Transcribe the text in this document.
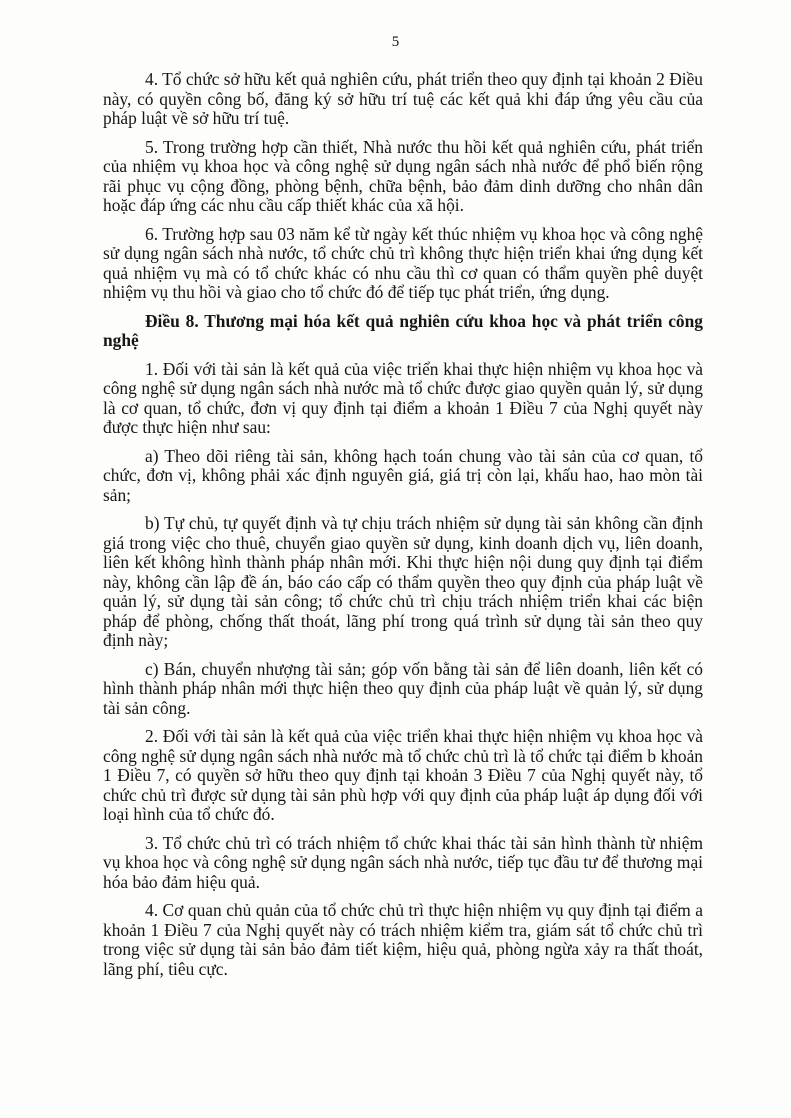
5

4. Tổ chức sở hữu kết quả nghiên cứu, phát triển theo quy định tại khoản 2 Điều này, có quyền công bố, đăng ký sở hữu trí tuệ các kết quả khi đáp ứng yêu cầu của pháp luật về sở hữu trí tuệ.

5. Trong trường hợp cần thiết, Nhà nước thu hồi kết quả nghiên cứu, phát triển của nhiệm vụ khoa học và công nghệ sử dụng ngân sách nhà nước để phổ biến rộng rãi phục vụ cộng đồng, phòng bệnh, chữa bệnh, bảo đảm dinh dưỡng cho nhân dân hoặc đáp ứng các nhu cầu cấp thiết khác của xã hội.

6. Trường hợp sau 03 năm kể từ ngày kết thúc nhiệm vụ khoa học và công nghệ sử dụng ngân sách nhà nước, tổ chức chủ trì không thực hiện triển khai ứng dụng kết quả nhiệm vụ mà có tổ chức khác có nhu cầu thì cơ quan có thẩm quyền phê duyệt nhiệm vụ thu hồi và giao cho tổ chức đó để tiếp tục phát triển, ứng dụng.

Điều 8. Thương mại hóa kết quả nghiên cứu khoa học và phát triển công nghệ

1. Đối với tài sản là kết quả của việc triển khai thực hiện nhiệm vụ khoa học và công nghệ sử dụng ngân sách nhà nước mà tổ chức được giao quyền quản lý, sử dụng là cơ quan, tổ chức, đơn vị quy định tại điểm a khoản 1 Điều 7 của Nghị quyết này được thực hiện như sau:

a) Theo dõi riêng tài sản, không hạch toán chung vào tài sản của cơ quan, tổ chức, đơn vị, không phải xác định nguyên giá, giá trị còn lại, khấu hao, hao mòn tài sản;

b) Tự chủ, tự quyết định và tự chịu trách nhiệm sử dụng tài sản không cần định giá trong việc cho thuê, chuyển giao quyền sử dụng, kinh doanh dịch vụ, liên doanh, liên kết không hình thành pháp nhân mới. Khi thực hiện nội dung quy định tại điểm này, không cần lập đề án, báo cáo cấp có thẩm quyền theo quy định của pháp luật về quản lý, sử dụng tài sản công; tổ chức chủ trì chịu trách nhiệm triển khai các biện pháp để phòng, chống thất thoát, lãng phí trong quá trình sử dụng tài sản theo quy định này;

c) Bán, chuyển nhượng tài sản; góp vốn bằng tài sản để liên doanh, liên kết có hình thành pháp nhân mới thực hiện theo quy định của pháp luật về quản lý, sử dụng tài sản công.

2. Đối với tài sản là kết quả của việc triển khai thực hiện nhiệm vụ khoa học và công nghệ sử dụng ngân sách nhà nước mà tổ chức chủ trì là tổ chức tại điểm b khoản 1 Điều 7, có quyền sở hữu theo quy định tại khoản 3 Điều 7 của Nghị quyết này, tổ chức chủ trì được sử dụng tài sản phù hợp với quy định của pháp luật áp dụng đối với loại hình của tổ chức đó.

3. Tổ chức chủ trì có trách nhiệm tổ chức khai thác tài sản hình thành từ nhiệm vụ khoa học và công nghệ sử dụng ngân sách nhà nước, tiếp tục đầu tư để thương mại hóa bảo đảm hiệu quả.

4. Cơ quan chủ quản của tổ chức chủ trì thực hiện nhiệm vụ quy định tại điểm a khoản 1 Điều 7 của Nghị quyết này có trách nhiệm kiểm tra, giám sát tổ chức chủ trì trong việc sử dụng tài sản bảo đảm tiết kiệm, hiệu quả, phòng ngừa xảy ra thất thoát, lãng phí, tiêu cực.
